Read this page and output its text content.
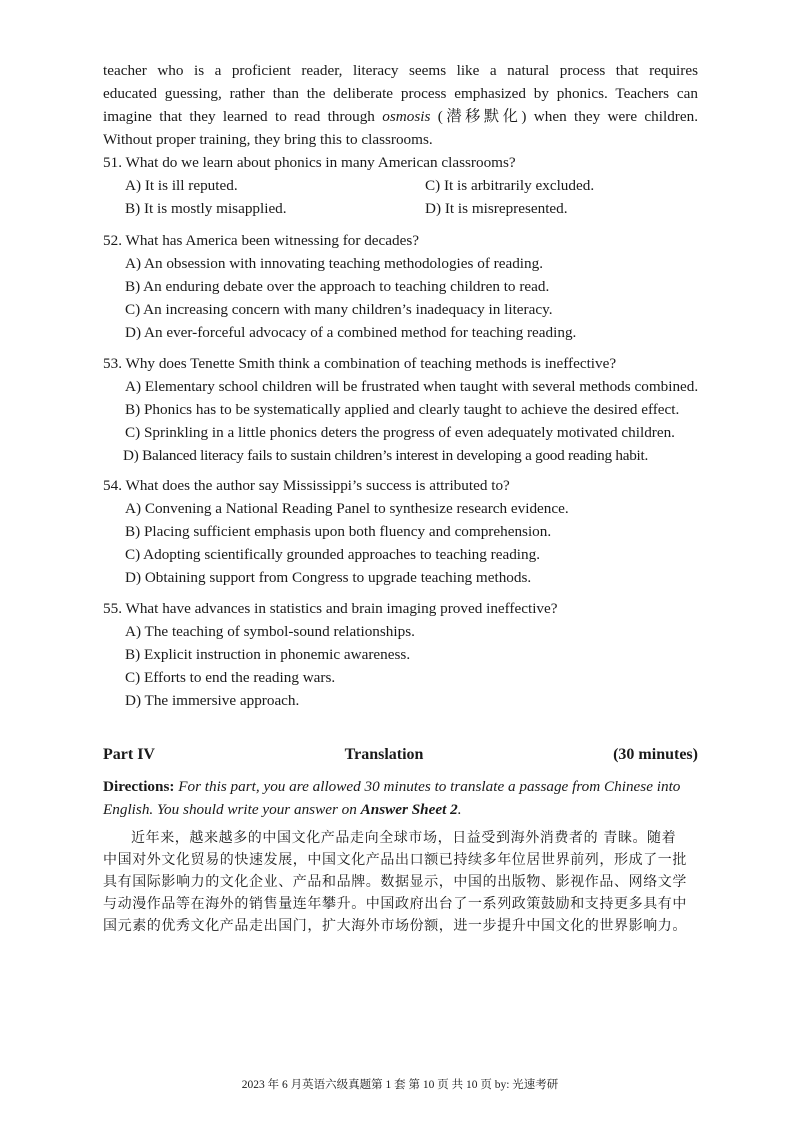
teacher who is a proficient reader, literacy seems like a natural process that requires
educated guessing, rather than the deliberate process emphasized by phonics. Teachers can
imagine that they learned to read through osmosis (潜移默化) when they were children.
Without proper training, they bring this to classrooms.
51. What do we learn about phonics in many American classrooms?
A) It is ill reputed.	C) It is arbitrarily excluded.
B) It is mostly misapplied.	D) It is misrepresented.
52. What has America been witnessing for decades?
A) An obsession with innovating teaching methodologies of reading.
B) An enduring debate over the approach to teaching children to read.
C) An increasing concern with many children’s inadequacy in literacy.
D) An ever-forceful advocacy of a combined method for teaching reading.
53. Why does Tenette Smith think a combination of teaching methods is ineffective?
A) Elementary school children will be frustrated when taught with several methods combined.
B) Phonics has to be systematically applied and clearly taught to achieve the desired effect.
C) Sprinkling in a little phonics deters the progress of even adequately motivated children.
D) Balanced literacy fails to sustain children’s interest in developing a good reading habit.
54. What does the author say Mississippi’s success is attributed to?
A) Convening a National Reading Panel to synthesize research evidence.
B) Placing sufficient emphasis upon both fluency and comprehension.
C) Adopting scientifically grounded approaches to teaching reading.
D) Obtaining support from Congress to upgrade teaching methods.
55. What have advances in statistics and brain imaging proved ineffective?
A) The teaching of symbol-sound relationships.
B) Explicit instruction in phonemic awareness.
C) Efforts to end the reading wars.
D) The immersive approach.
Part IV	Translation	(30 minutes)
Directions: For this part, you are allowed 30 minutes to translate a passage from Chinese into
English. You should write your answer on Answer Sheet 2.
近年来，越来越多的中国文化产品走向全球市场，日益受到海外消费者的 青睐。随着
中国对外文化贸易的快速发展，中国文化产品出口额已持续多年位居世界前列，形成了一批
具有国际影响力的文化企业、产品和品牌。数据显示，中国的出版物、影视作品、网络文学
与动漫作品等在海外的销售量连年攀升。中国政府出台了一系列政策鼓励和支持更多具有中
国元素的优秀文化产品走出国门，扩大海外市场份额，进一步提升中国文化的世界影响力。
2023 年 6 月英语六级真题第 1 套 第 10 页 共 10 页 by: 光速考研
